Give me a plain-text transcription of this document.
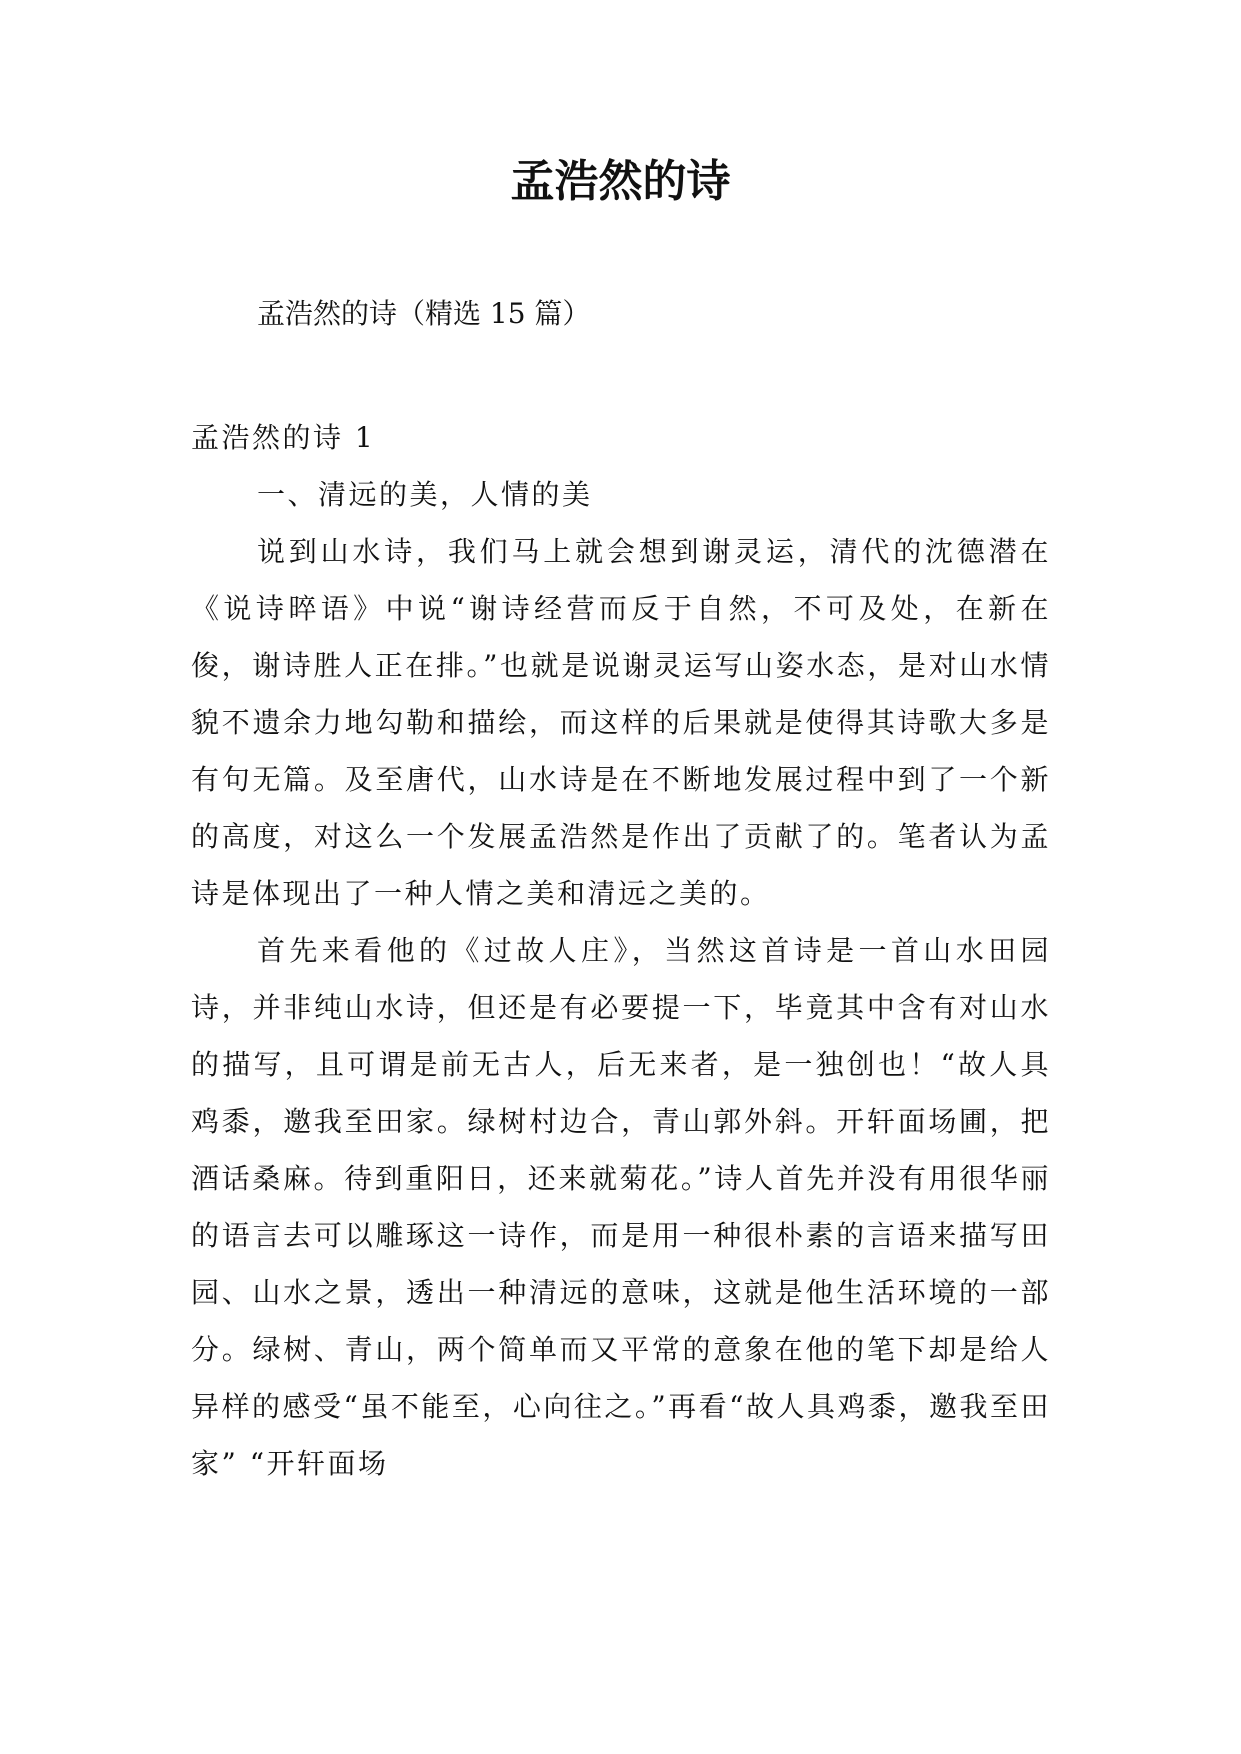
孟浩然的诗

孟浩然的诗（精选 15 篇）

孟浩然的诗 1

一、清远的美，人情的美

说到山水诗，我们马上就会想到谢灵运，清代的沈德潜在《说诗晬语》中说“谢诗经营而反于自然，不可及处，在新在俊，谢诗胜人正在排。”也就是说谢灵运写山姿水态，是对山水情貌不遗余力地勾勒和描绘，而这样的后果就是使得其诗歌大多是有句无篇。及至唐代，山水诗是在不断地发展过程中到了一个新的高度，对这么一个发展孟浩然是作出了贡献了的。笔者认为孟诗是体现出了一种人情之美和清远之美的。

首先来看他的《过故人庄》，当然这首诗是一首山水田园诗，并非纯山水诗，但还是有必要提一下，毕竟其中含有对山水的描写，且可谓是前无古人，后无来者，是一独创也！“故人具鸡黍，邀我至田家。绿树村边合，青山郭外斜。开轩面场圃，把酒话桑麻。待到重阳日，还来就菊花。”诗人首先并没有用很华丽的语言去可以雕琢这一诗作，而是用一种很朴素的言语来描写田园、山水之景，透出一种清远的意味，这就是他生活环境的一部分。绿树、青山，两个简单而又平常的意象在他的笔下却是给人异样的感受“虽不能至，心向往之。”再看“故人具鸡黍，邀我至田家” “开轩面场
